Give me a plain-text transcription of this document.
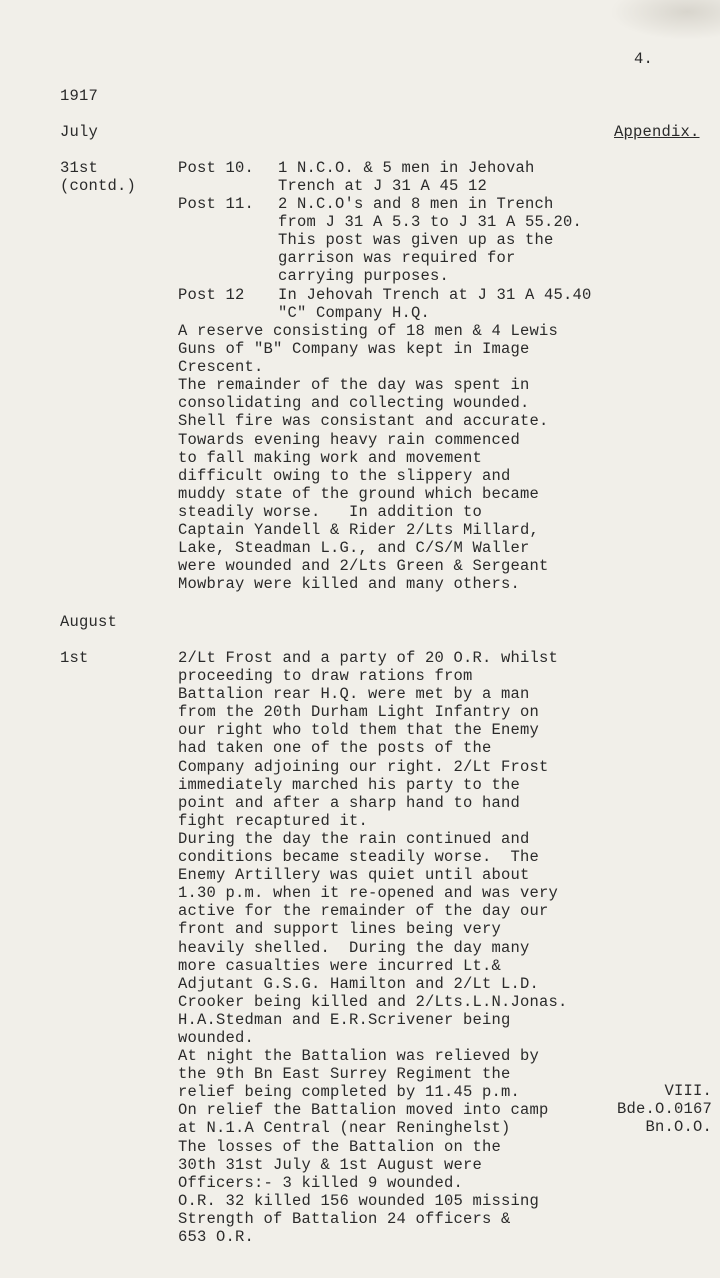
4.
1917
July	Appendix.
31st
(contd.)
Post 10. 1 N.C.O. & 5 men in Jehovah
Trench at J 31 A 45 12
Post 11. 2 N.C.O's and 8 men in Trench
from J 31 A 5.3 to J 31 A 55.20.
This post was given up as the
garrison was required for
carrying purposes.
Post 12 In Jehovah Trench at J 31 A 45.40
"C" Company H.Q.
A reserve consisting of 18 men & 4 Lewis
Guns of "B" Company was kept in Image
Crescent.
The remainder of the day was spent in
consolidating and collecting wounded.
Shell fire was consistant and accurate.
Towards evening heavy rain commenced
to fall making work and movement
difficult owing to the slippery and
muddy state of the ground which became
steadily worse.   In addition to
Captain Yandell & Rider 2/Lts Millard,
Lake, Steadman L.G., and C/S/M Waller
were wounded and 2/Lts Green & Sergeant
Mowbray were killed and many others.
August
1st	2/Lt Frost and a party of 20 O.R. whilst
proceeding to draw rations from
Battalion rear H.Q. were met by a man
from the 20th Durham Light Infantry on
our right who told them that the Enemy
had taken one of the posts of the
Company adjoining our right. 2/Lt Frost
immediately marched his party to the
point and after a sharp hand to hand
fight recaptured it.
During the day the rain continued and
conditions became steadily worse.  The
Enemy Artillery was quiet until about
1.30 p.m. when it re-opened and was very
active for the remainder of the day our
front and support lines being very
heavily shelled.  During the day many
more casualties were incurred Lt.&
Adjutant G.S.G. Hamilton and 2/Lt L.D.
Crooker being killed and 2/Lts.L.N.Jonas.
H.A.Stedman and E.R.Scrivener being
wounded.
At night the Battalion was relieved by
the 9th Bn East Surrey Regiment the
relief being completed by 11.45 p.m.
On relief the Battalion moved into camp
at N.1.A Central (near Reninghelst)
The losses of the Battalion on the
30th 31st July & 1st August were
Officers:- 3 killed 9 wounded.
O.R. 32 killed 156 wounded 105 missing
Strength of Battalion 24 officers &
653 O.R.
VIII.
Bde.O.0167
Bn.O.O.
